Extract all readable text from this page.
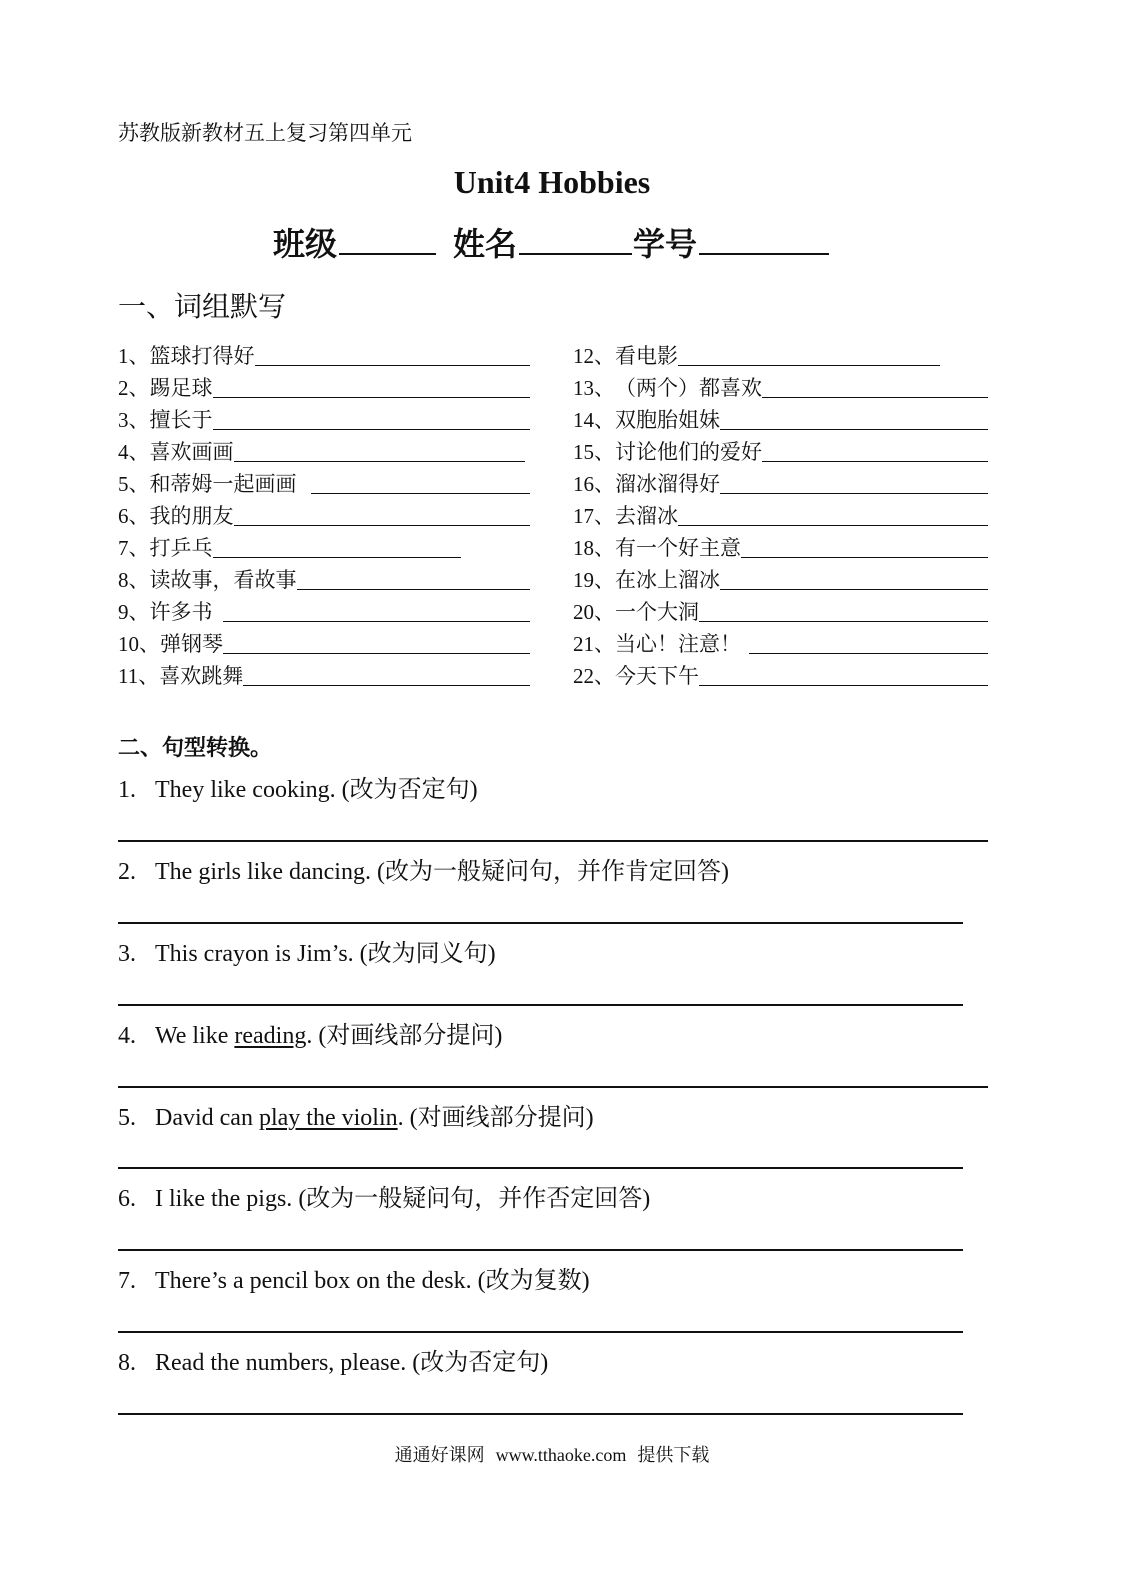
苏教版新教材五上复习第四单元
Unit4 Hobbies
班级	姓名	学号
一、词组默写
1、 篮球打得好
2、 踢足球
3、 擅长于
4、 喜欢画画
5、 和蒂姆一起画画
6、 我的朋友
7、 打乒乓
8、 读故事，看故事
9、 许多书
10、 弹钢琴
11、 喜欢跳舞
12、 看电影
13、 （两个）都喜欢
14、 双胞胎姐妹
15、 讨论他们的爱好
16、 溜冰溜得好
17、 去溜冰
18、 有一个好主意
19、 在冰上溜冰
20、 一个大洞
21、 当心！注意！
22、 今天下午
二、句型转换。
1. They like cooking. (改为否定句)
2. The girls like dancing. (改为一般疑问句，并作肯定回答)
3. This crayon is Jim’s. (改为同义句)
4. We like reading. (对画线部分提问)
5. David can play the violin. (对画线部分提问)
6. I like the pigs. (改为一般疑问句，并作否定回答)
7. There’s a pencil box on the desk. (改为复数)
8. Read the numbers, please. (改为否定句)
通通好课网 www.tthaoke.com 提供下载
